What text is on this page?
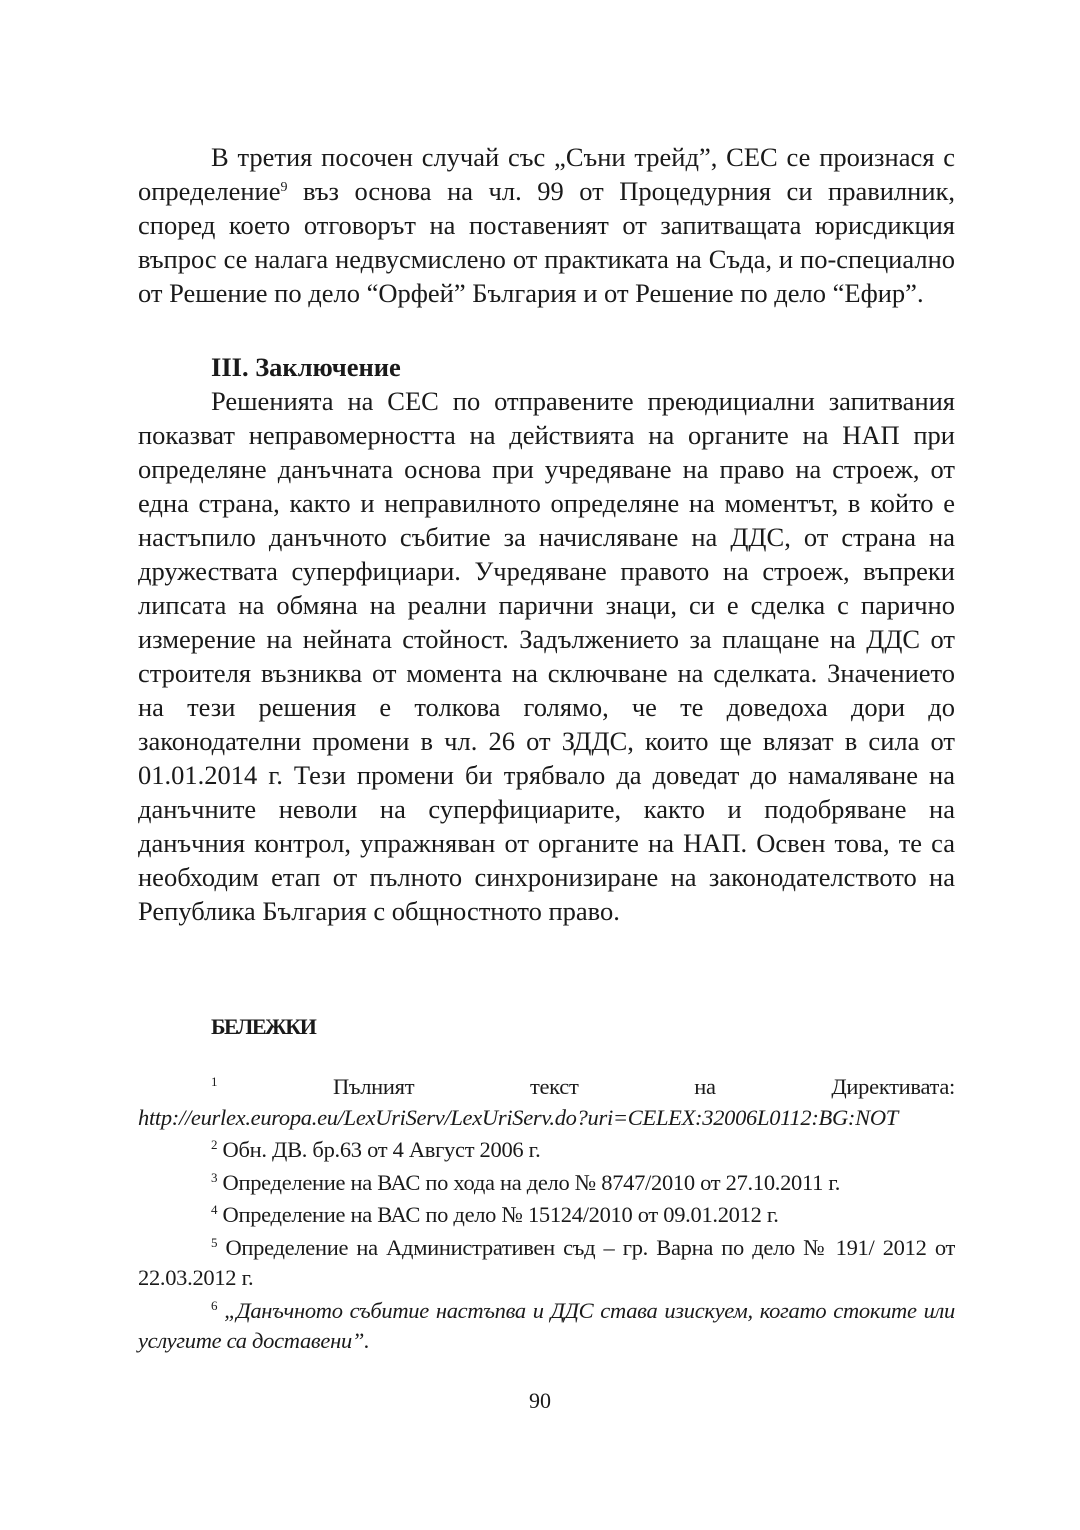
В третия посочен случай със „Съни трейд”, СЕС се произнася с определение$^9$ въз основа на чл. 99 от Процедурния си правилник, според което отговорът на поставеният от запитващата юрисдикция въпрос се налага недвусмислено от практиката на Съда, и по-специално от Решение по дело “Орфей” България и от Решение по дело “Ефир”.

III. Заключение

Решенията на СЕС по отправените преюдициални запитвания показват неправомерността на действията на органите на НАП при определяне данъчната основа при учредяване на право на строеж, от една страна, както и неправилното определяне на моментът, в който е настъпило данъчното събитие за начисляване на ДДС, от страна на дружествата суперфициари. Учредяване правото на строеж, въпреки липсата на обмяна на реални парични знаци, си е сделка с парично измерение на нейната стойност. Задължението за плащане на ДДС от строителя възниква от момента на сключване на сделката. Значението на тези решения е толкова голямо, че те доведоха дори до законодателни промени в чл. 26 от ЗДДС, които ще влязат в сила от 01.01.2014 г. Тези промени би трябвало да доведат до намаляване на данъчните неволи на суперфициарите, както и подобряване на данъчния контрол, упражняван от органите на НАП. Освен това, те са необходим етап от пълното синхронизиране на законодателството на Република България с общностното право.

БЕЛЕЖКИ

$^1$ Пълният текст на Директивата: http://eurlex.europa.eu/LexUriServ/LexUriServ.do?uri=CELEX:32006L0112:BG:NOT

$^2$ Обн. ДВ. бр.63 от 4 Август 2006 г.

$^3$ Определение на ВАС по хода на дело № 8747/2010 от 27.10.2011 г.

$^4$ Определение на ВАС по дело № 15124/2010 от 09.01.2012 г.

$^5$ Определение на Административен съд – гр. Варна по дело № 191/ 2012 от 22.03.2012 г.

$^6$ „Данъчното събитие настъпва и ДДС става изискуем, когато стоките или услугите са доставени”.

90
